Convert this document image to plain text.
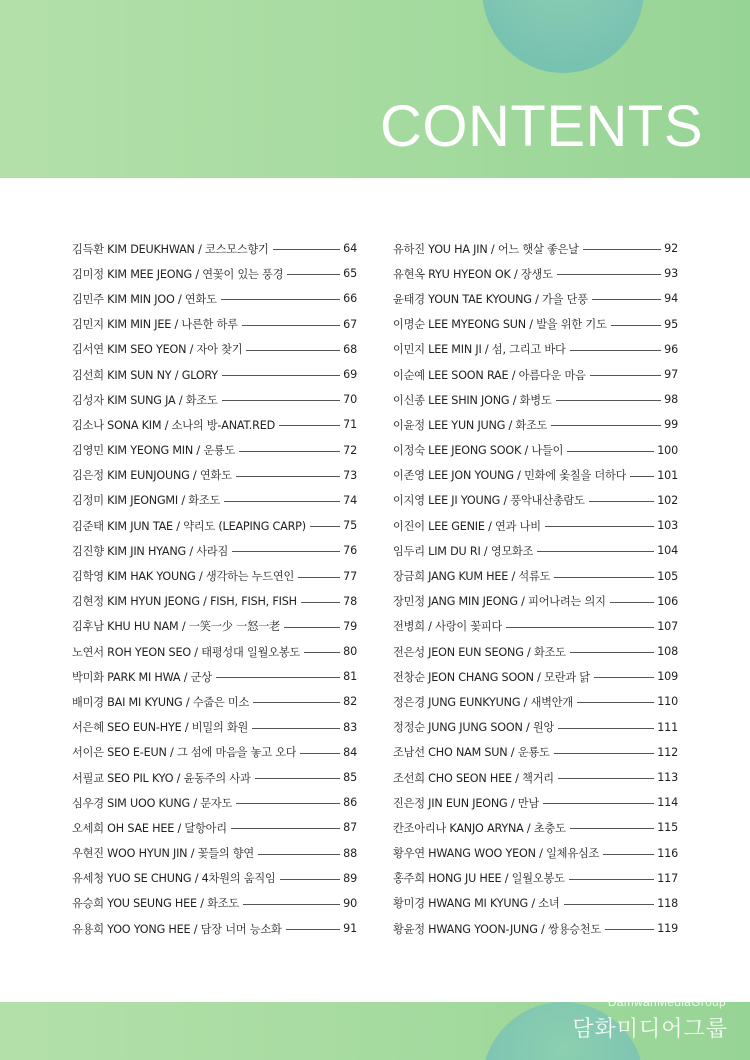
CONTENTS
김득환 KIM DEUKHWAN / 코스모스향기	64
김미정 KIM MEE JEONG / 연꽃이 있는 풍경	65
김민주 KIM MIN JOO / 연화도	66
김민지 KIM MIN JEE / 나른한 하루	67
김서연 KIM SEO YEON / 자아 찾기	68
김선희 KIM SUN NY / GLORY	69
김성자 KIM SUNG JA / 화조도	70
김소나 SONA KIM / 소나의 방-ANAT.RED	71
김영민 KIM YEONG MIN / 운룡도	72
김은정 KIM EUNJOUNG / 연화도	73
김정미 KIM JEONGMI / 화조도	74
김준태 KIM JUN TAE / 약리도 (LEAPING CARP)	75
김진향 KIM JIN HYANG / 사라짐	76
김학영 KIM HAK YOUNG / 생각하는 누드연인	77
김현정 KIM HYUN JEONG / FISH, FISH, FISH	78
김후남 KHU HU NAM / 一笑一少 一怒一老	79
노연서 ROH YEON SEO / 태평성대 일월오봉도	80
박미화 PARK MI HWA / 군상	81
배미경 BAI MI KYUNG / 수줍은 미소	82
서은혜 SEO EUN-HYE / 비밀의 화원	83
서이은 SEO E-EUN / 그 섬에 마음을 놓고 오다	84
서필교 SEO PIL KYO / 윤동주의 사과	85
심우경 SIM UOO KUNG / 문자도	86
오세희 OH SAE HEE / 달항아리	87
우현진 WOO HYUN JIN / 꽃들의 향연	88
유세청 YUO SE CHUNG / 4차원의 움직임	89
유승희 YOU SEUNG HEE / 화조도	90
유용희 YOO YONG HEE / 담장 너머 능소화	91
유하진 YOU HA JIN / 어느 햇살 좋은날	92
유현옥 RYU HYEON OK / 장생도	93
윤태경 YOUN TAE KYOUNG / 가을 단풍	94
이명순 LEE MYEONG SUN / 발을 위한 기도	95
이민지 LEE MIN JI / 섬, 그리고 바다	96
이순예 LEE SOON RAE / 아름다운 마음	97
이신종 LEE SHIN JONG / 화병도	98
이윤정 LEE YUN JUNG / 화조도	99
이정숙 LEE JEONG SOOK / 나들이	100
이존영 LEE JON YOUNG / 민화에 옻칠을 더하다	101
이지영 LEE JI YOUNG / 풍악내산총람도	102
이진이 LEE GENIE / 연과 나비	103
임두리 LIM DU RI / 영모화조	104
장금희 JANG KUM HEE / 석류도	105
장민정 JANG MIN JEONG / 피어나려는 의지	106
전병희 / 사랑이 꽃피다	107
전은성 JEON EUN SEONG / 화조도	108
전창순 JEON CHANG SOON / 모란과 닭	109
정은경 JUNG EUNKYUNG / 새벽안개	110
정정순 JUNG JUNG SOON / 원앙	111
조남선 CHO NAM SUN / 운룡도	112
조선희 CHO SEON HEE / 책거리	113
진은정 JIN EUN JEONG / 만남	114
칸조아리나 KANJO ARYNA / 초충도	115
황우연 HWANG WOO YEON / 일체유심조	116
홍주희 HONG JU HEE / 일월오봉도	117
황미경 HWANG MI KYUNG / 소녀	118
황윤정 HWANG YOON-JUNG / 쌍용승천도	119
DamwahMediaGroup
담화미디어그룹
